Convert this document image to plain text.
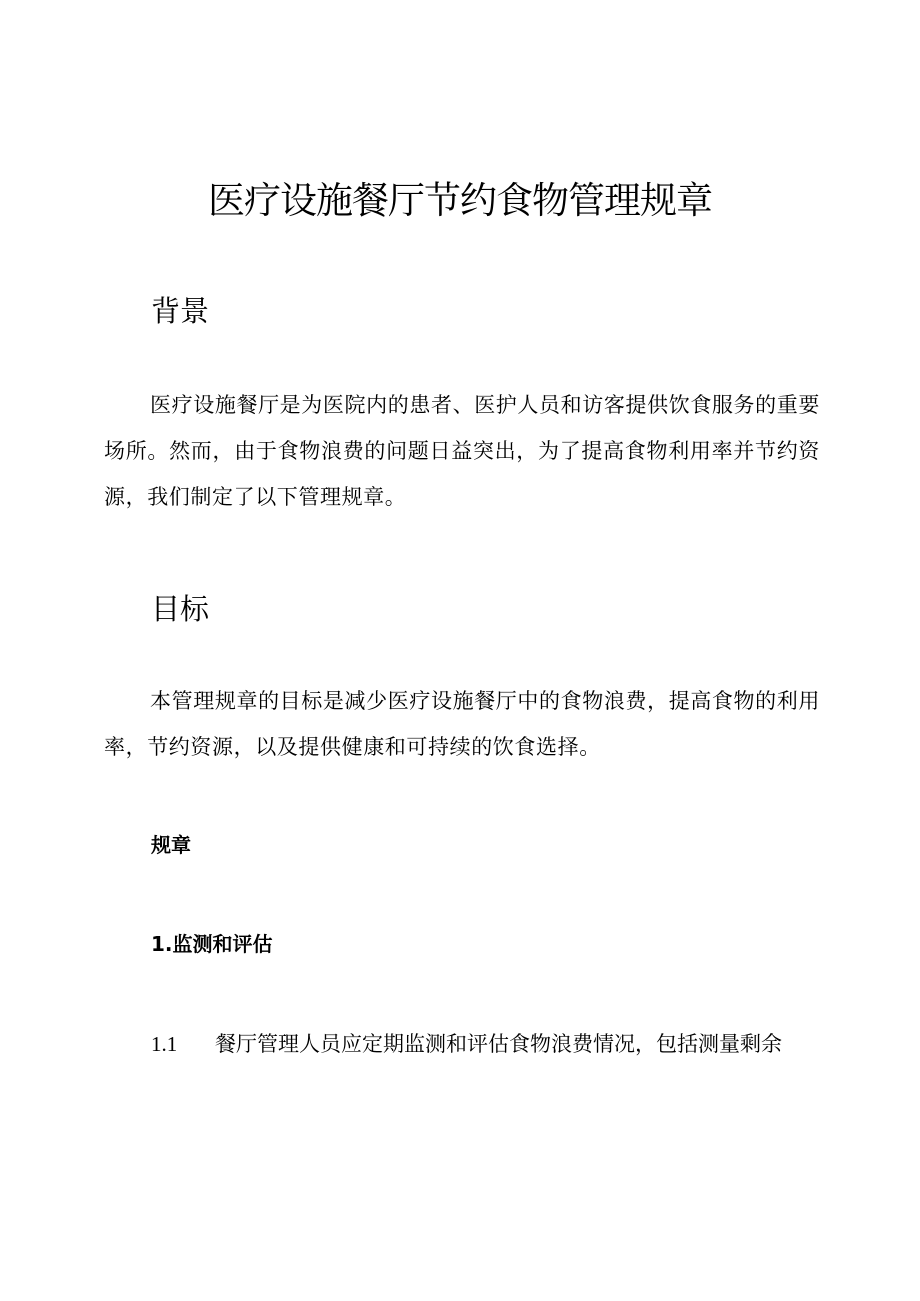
医疗设施餐厅节约食物管理规章
背景

医疗设施餐厅是为医院内的患者、医护人员和访客提供饮食服务的重要场所。然而，由于食物浪费的问题日益突出，为了提高食物利用率并节约资源，我们制定了以下管理规章。

目标

本管理规章的目标是减少医疗设施餐厅中的食物浪费，提高食物的利用率，节约资源，以及提供健康和可持续的饮食选择。

规章
1.监测和评估
1.1 餐厅管理人员应定期监测和评估食物浪费情况，包括测量剩余
